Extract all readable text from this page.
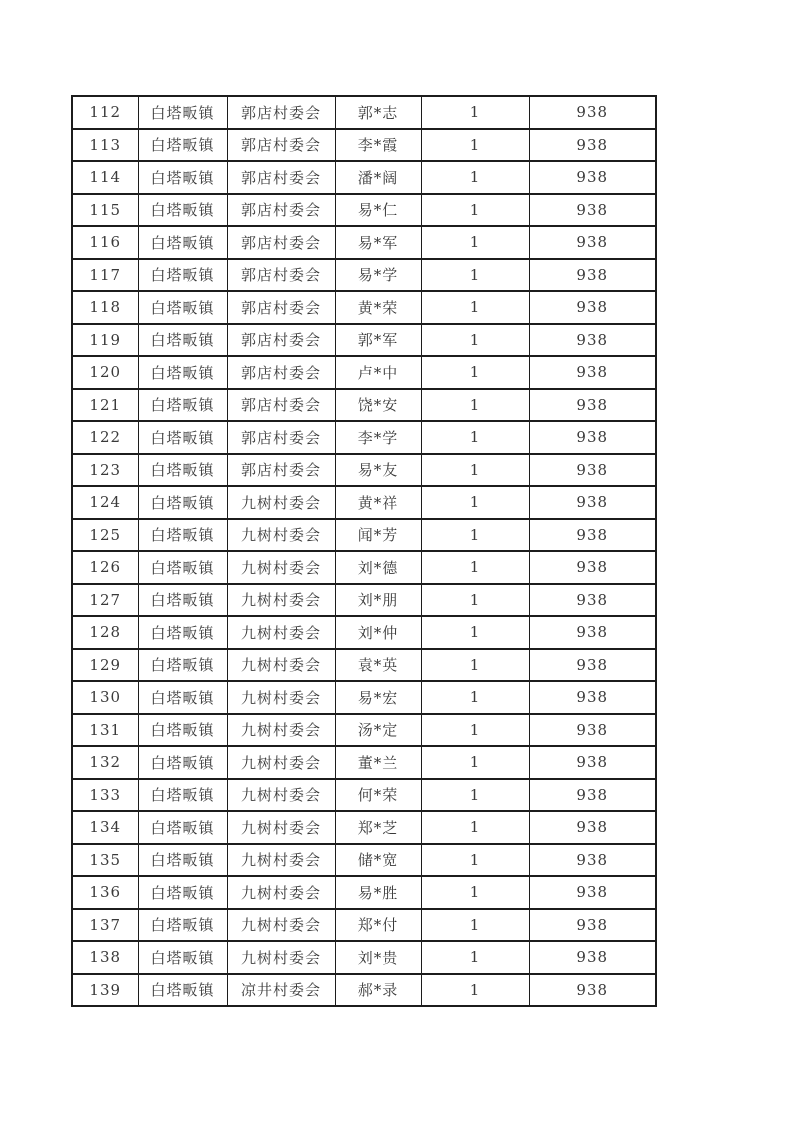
112	白塔畈镇	郭店村委会	郭*志	1	938
113	白塔畈镇	郭店村委会	李*霞	1	938
114	白塔畈镇	郭店村委会	潘*阔	1	938
115	白塔畈镇	郭店村委会	易*仁	1	938
116	白塔畈镇	郭店村委会	易*军	1	938
117	白塔畈镇	郭店村委会	易*学	1	938
118	白塔畈镇	郭店村委会	黄*荣	1	938
119	白塔畈镇	郭店村委会	郭*军	1	938
120	白塔畈镇	郭店村委会	卢*中	1	938
121	白塔畈镇	郭店村委会	饶*安	1	938
122	白塔畈镇	郭店村委会	李*学	1	938
123	白塔畈镇	郭店村委会	易*友	1	938
124	白塔畈镇	九树村委会	黄*祥	1	938
125	白塔畈镇	九树村委会	闻*芳	1	938
126	白塔畈镇	九树村委会	刘*德	1	938
127	白塔畈镇	九树村委会	刘*朋	1	938
128	白塔畈镇	九树村委会	刘*仲	1	938
129	白塔畈镇	九树村委会	袁*英	1	938
130	白塔畈镇	九树村委会	易*宏	1	938
131	白塔畈镇	九树村委会	汤*定	1	938
132	白塔畈镇	九树村委会	董*兰	1	938
133	白塔畈镇	九树村委会	何*荣	1	938
134	白塔畈镇	九树村委会	郑*芝	1	938
135	白塔畈镇	九树村委会	储*宽	1	938
136	白塔畈镇	九树村委会	易*胜	1	938
137	白塔畈镇	九树村委会	郑*付	1	938
138	白塔畈镇	九树村委会	刘*贵	1	938
139	白塔畈镇	凉井村委会	郝*录	1	938
